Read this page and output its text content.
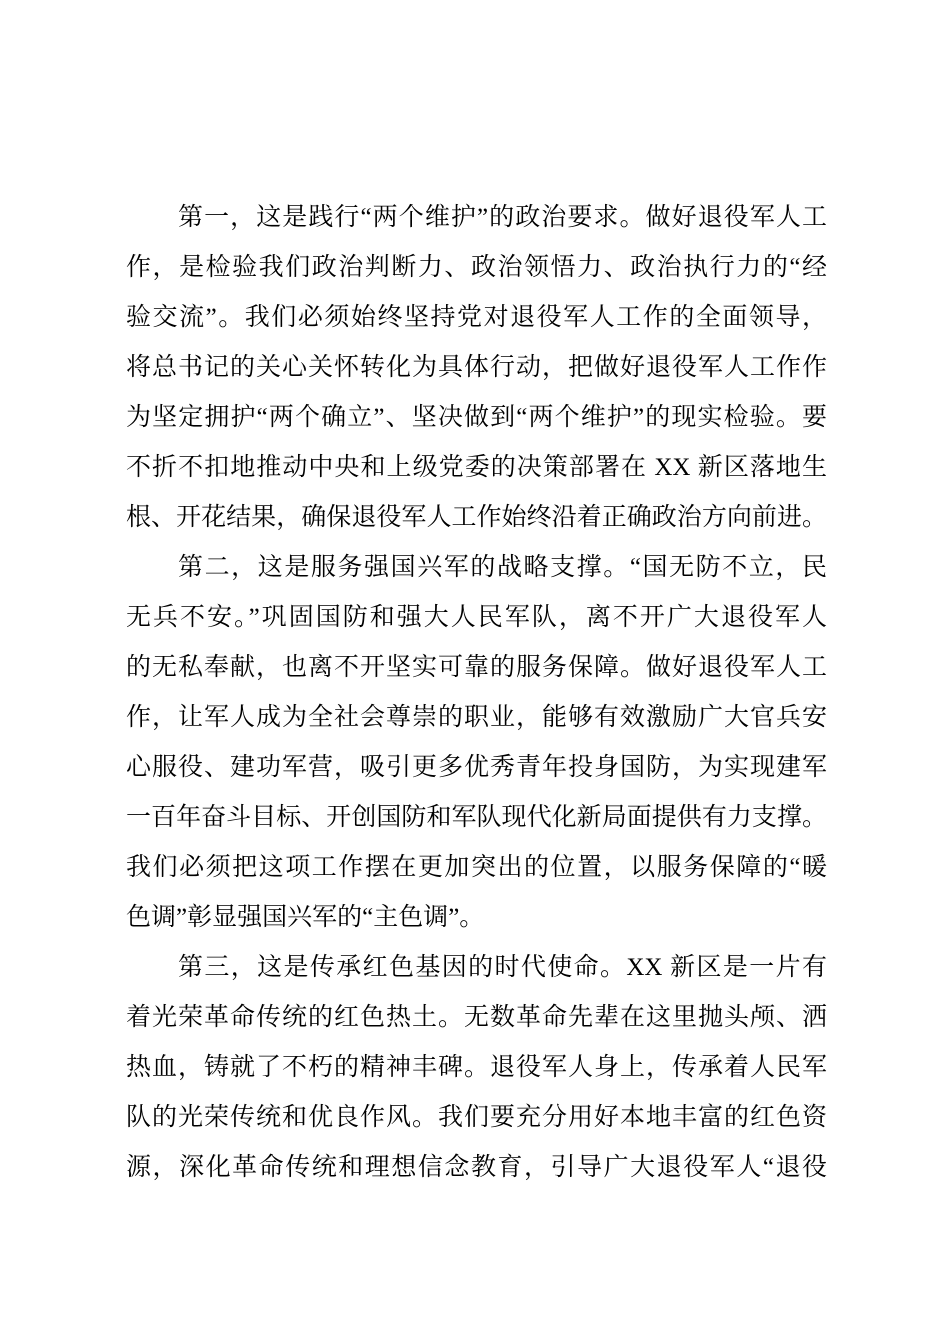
第一，这是践行“两个维护”的政治要求。做好退役军人工
作，是检验我们政治判断力、政治领悟力、政治执行力的“经
验交流”。我们必须始终坚持党对退役军人工作的全面领导，
将总书记的关心关怀转化为具体行动，把做好退役军人工作作
为坚定拥护“两个确立”、坚决做到“两个维护”的现实检验。要
不折不扣地推动中央和上级党委的决策部署在 XX 新区落地生
根、开花结果，确保退役军人工作始终沿着正确政治方向前进。
第二，这是服务强国兴军的战略支撑。“国无防不立，民
无兵不安。”巩固国防和强大人民军队，离不开广大退役军人
的无私奉献，也离不开坚实可靠的服务保障。做好退役军人工
作，让军人成为全社会尊崇的职业，能够有效激励广大官兵安
心服役、建功军营，吸引更多优秀青年投身国防，为实现建军
一百年奋斗目标、开创国防和军队现代化新局面提供有力支撑。
我们必须把这项工作摆在更加突出的位置，以服务保障的“暖
色调”彰显强国兴军的“主色调”。
第三，这是传承红色基因的时代使命。XX 新区是一片有
着光荣革命传统的红色热土。无数革命先辈在这里抛头颅、洒
热血，铸就了不朽的精神丰碑。退役军人身上，传承着人民军
队的光荣传统和优良作风。我们要充分用好本地丰富的红色资
源，深化革命传统和理想信念教育，引导广大退役军人“退役
